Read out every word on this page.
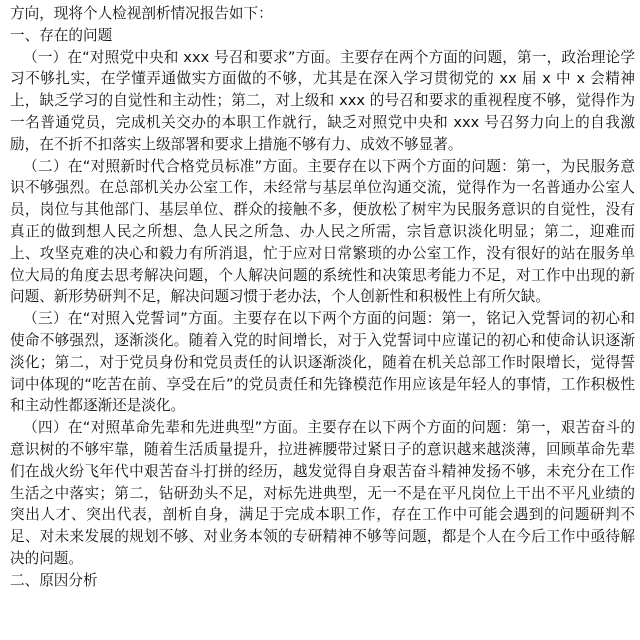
方向，现将个人检视剖析情况报告如下：
一、存在的问题
（一）在“对照党中央和 xxx 号召和要求”方面。主要存在两个方面的问题，第一，政治理论学习不够扎实，在学懂弄通做实方面做的不够，尤其是在深入学习贯彻党的 xx 届 x 中 x 会精神上，缺乏学习的自觉性和主动性；第二，对上级和 xxx 的号召和要求的重视程度不够，觉得作为一名普通党员，完成机关交办的本职工作就行，缺乏对照党中央和 xxx 号召努力向上的自我激励，在不折不扣落实上级部署和要求上措施不够有力、成效不够显著。
（二）在“对照新时代合格党员标准”方面。主要存在以下两个方面的问题：第一，为民服务意识不够强烈。在总部机关办公室工作，未经常与基层单位沟通交流，觉得作为一名普通办公室人员，岗位与其他部门、基层单位、群众的接触不多，便放松了树牢为民服务意识的自觉性，没有真正的做到想人民之所想、急人民之所急、办人民之所需，宗旨意识淡化明显；第二，迎难而上、攻坚克难的决心和毅力有所消退，忙于应对日常繁琐的办公室工作，没有很好的站在服务单位大局的角度去思考解决问题，个人解决问题的系统性和决策思考能力不足，对工作中出现的新问题、新形势研判不足，解决问题习惯于老办法，个人创新性和积极性上有所欠缺。
（三）在“对照入党誓词”方面。主要存在以下两个方面的问题：第一，铭记入党誓词的初心和使命不够强烈，逐渐淡化。随着入党的时间增长，对于入党誓词中应谨记的初心和使命认识逐渐淡化；第二，对于党员身份和党员责任的认识逐渐淡化，随着在机关总部工作时限增长，觉得誓词中体现的“吃苦在前、享受在后”的党员责任和先锋模范作用应该是年轻人的事情，工作积极性和主动性都逐渐还是淡化。
（四）在“对照革命先辈和先进典型”方面。主要存在以下两个方面的问题：第一，艰苦奋斗的意识树的不够牢靠，随着生活质量提升，拉进裤腰带过紧日子的意识越来越淡薄，回顾革命先辈们在战火纷飞年代中艰苦奋斗打拼的经历，越发觉得自身艰苦奋斗精神发扬不够，未充分在工作生活之中落实；第二，钻研劲头不足，对标先进典型，无一不是在平凡岗位上干出不平凡业绩的突出人才、突出代表，剖析自身，满足于完成本职工作，存在工作中可能会遇到的问题研判不足、对未来发展的规划不够、对业务本领的专研精神不够等问题，都是个人在今后工作中亟待解决的问题。
二、原因分析
